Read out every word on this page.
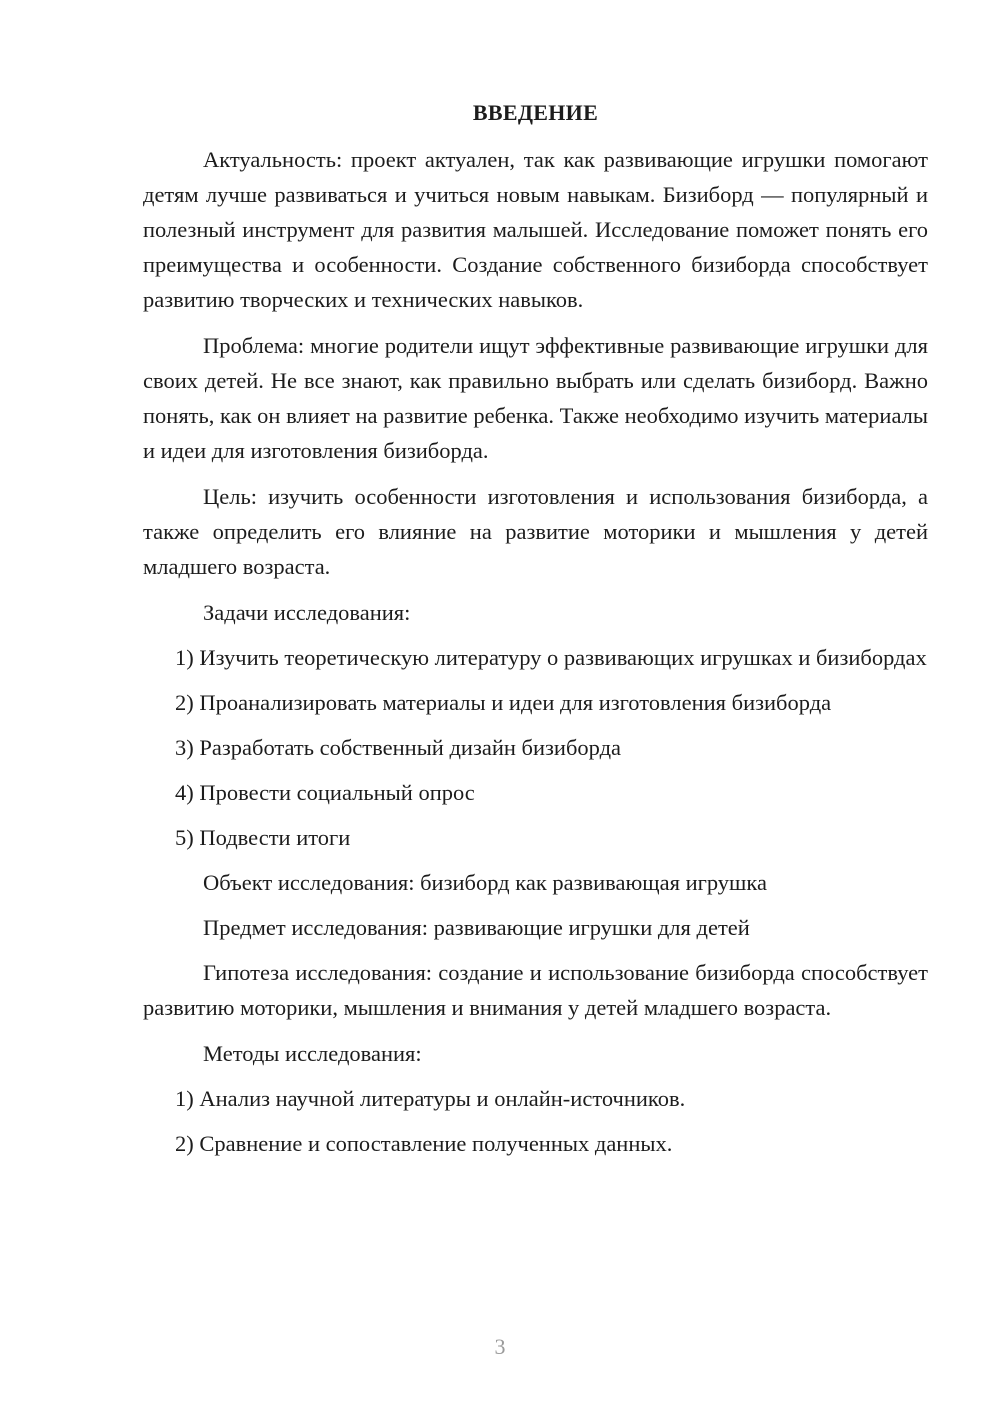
ВВЕДЕНИЕ

Актуальность: проект актуален, так как развивающие игрушки помогают детям лучше развиваться и учиться новым навыкам. Бизиборд — популярный и полезный инструмент для развития малышей. Исследование поможет понять его преимущества и особенности. Создание собственного бизиборда способствует развитию творческих и технических навыков.

Проблема: многие родители ищут эффективные развивающие игрушки для своих детей. Не все знают, как правильно выбрать или сделать бизиборд. Важно понять, как он влияет на развитие ребенка. Также необходимо изучить материалы и идеи для изготовления бизиборда.

Цель: изучить особенности изготовления и использования бизиборда, а также определить его влияние на развитие моторики и мышления у детей младшего возраста.

Задачи исследования:

1) Изучить теоретическую литературу о развивающих игрушках и бизибордах

2) Проанализировать материалы и идеи для изготовления бизиборда

3) Разработать собственный дизайн бизиборда

4) Провести социальный опрос

5) Подвести итоги

Объект исследования: бизиборд как развивающая игрушка

Предмет исследования: развивающие игрушки для детей

Гипотеза исследования: создание и использование бизиборда способствует развитию моторики, мышления и внимания у детей младшего возраста.

Методы исследования:

1) Анализ научной литературы и онлайн-источников.

2) Сравнение и сопоставление полученных данных.

3
